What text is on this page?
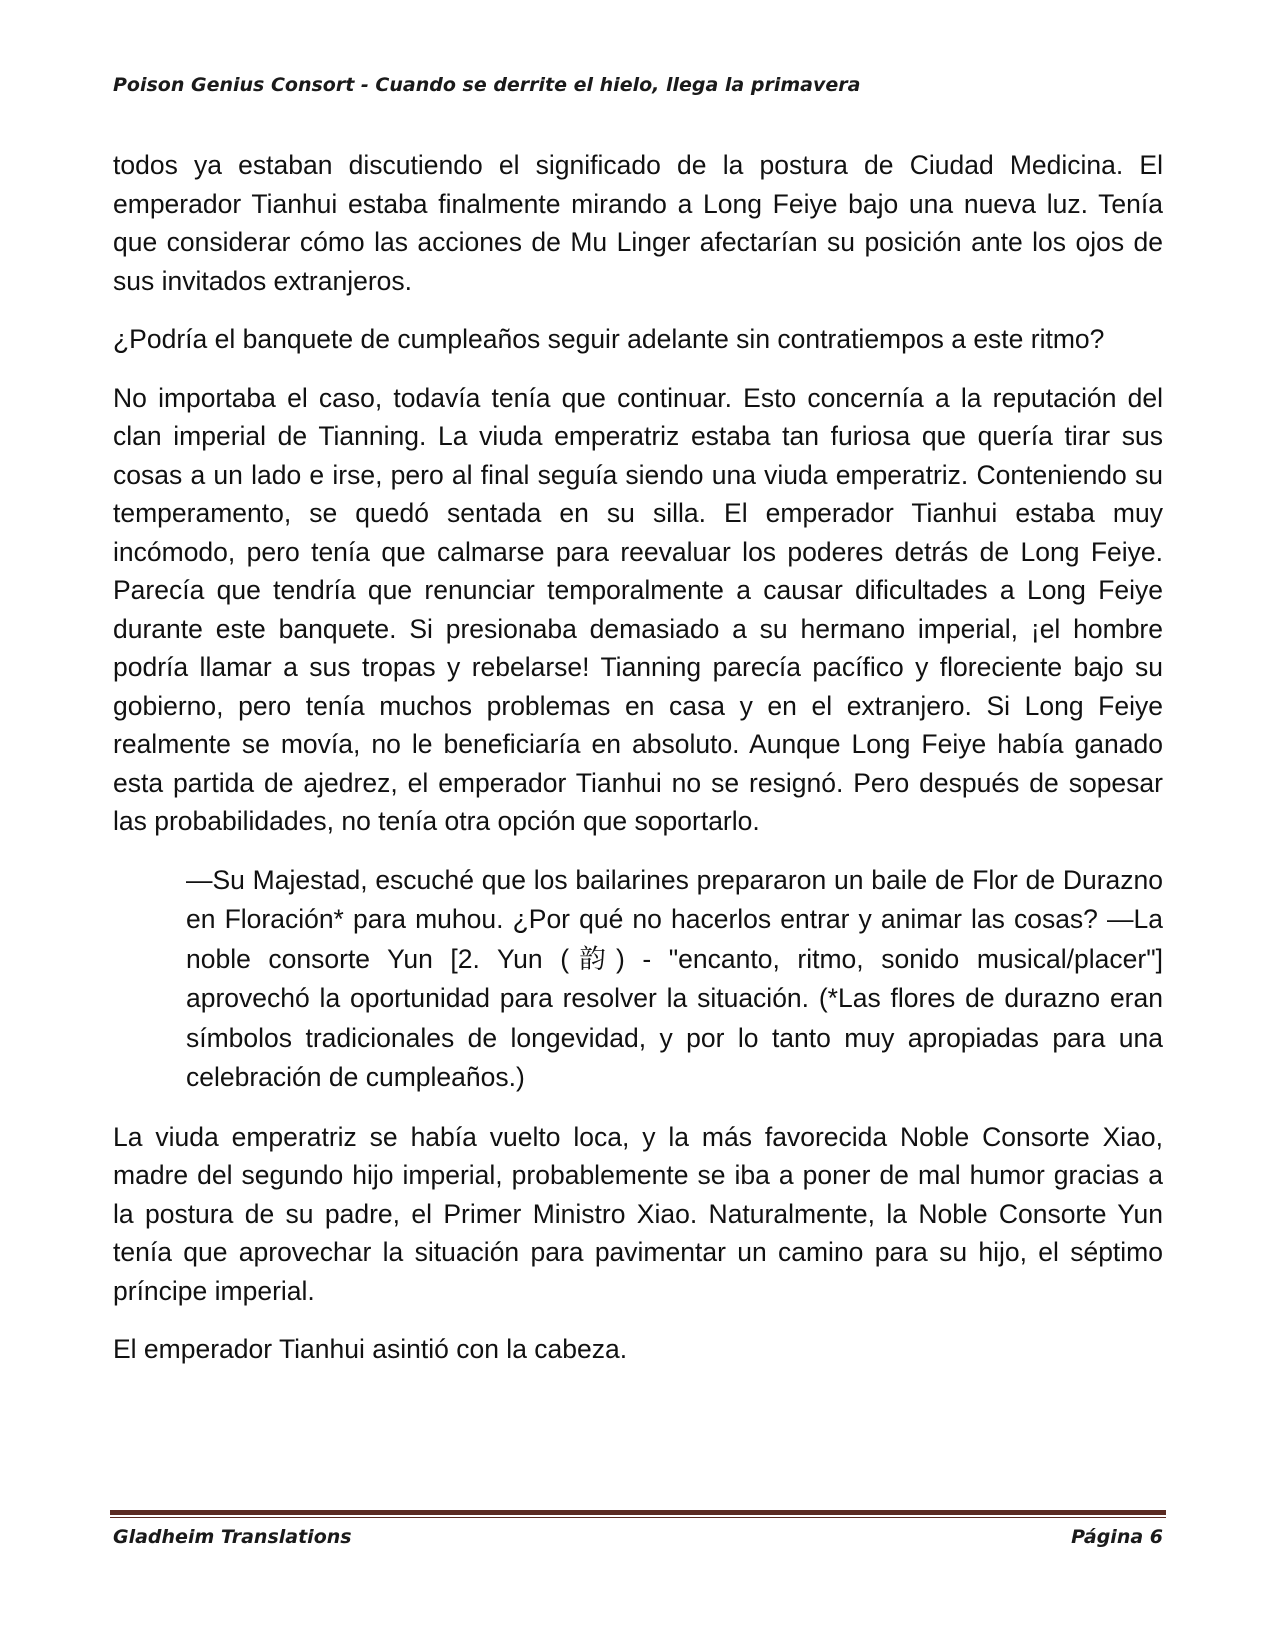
Poison Genius Consort - Cuando se derrite el hielo, llega la primavera

todos ya estaban discutiendo el significado de la postura de Ciudad Medicina. El emperador Tianhui estaba finalmente mirando a Long Feiye bajo una nueva luz. Tenía que considerar cómo las acciones de Mu Linger afectarían su posición ante los ojos de sus invitados extranjeros.

¿Podría el banquete de cumpleaños seguir adelante sin contratiempos a este ritmo?

No importaba el caso, todavía tenía que continuar. Esto concernía a la reputación del clan imperial de Tianning. La viuda emperatriz estaba tan furiosa que quería tirar sus cosas a un lado e irse, pero al final seguía siendo una viuda emperatriz. Conteniendo su temperamento, se quedó sentada en su silla. El emperador Tianhui estaba muy incómodo, pero tenía que calmarse para reevaluar los poderes detrás de Long Feiye. Parecía que tendría que renunciar temporalmente a causar dificultades a Long Feiye durante este banquete. Si presionaba demasiado a su hermano imperial, ¡el hombre podría llamar a sus tropas y rebelarse! Tianning parecía pacífico y floreciente bajo su gobierno, pero tenía muchos problemas en casa y en el extranjero. Si Long Feiye realmente se movía, no le beneficiaría en absoluto. Aunque Long Feiye había ganado esta partida de ajedrez, el emperador Tianhui no se resignó. Pero después de sopesar las probabilidades, no tenía otra opción que soportarlo.

—Su Majestad, escuché que los bailarines prepararon un baile de Flor de Durazno en Floración* para muhou. ¿Por qué no hacerlos entrar y animar las cosas? —La noble consorte Yun [2. Yun (韵) - "encanto, ritmo, sonido musical/placer"] aprovechó la oportunidad para resolver la situación. (*Las flores de durazno eran símbolos tradicionales de longevidad, y por lo tanto muy apropiadas para una celebración de cumpleaños.)

La viuda emperatriz se había vuelto loca, y la más favorecida Noble Consorte Xiao, madre del segundo hijo imperial, probablemente se iba a poner de mal humor gracias a la postura de su padre, el Primer Ministro Xiao. Naturalmente, la Noble Consorte Yun tenía que aprovechar la situación para pavimentar un camino para su hijo, el séptimo príncipe imperial.

El emperador Tianhui asintió con la cabeza.

Gladheim Translations	Página 6
